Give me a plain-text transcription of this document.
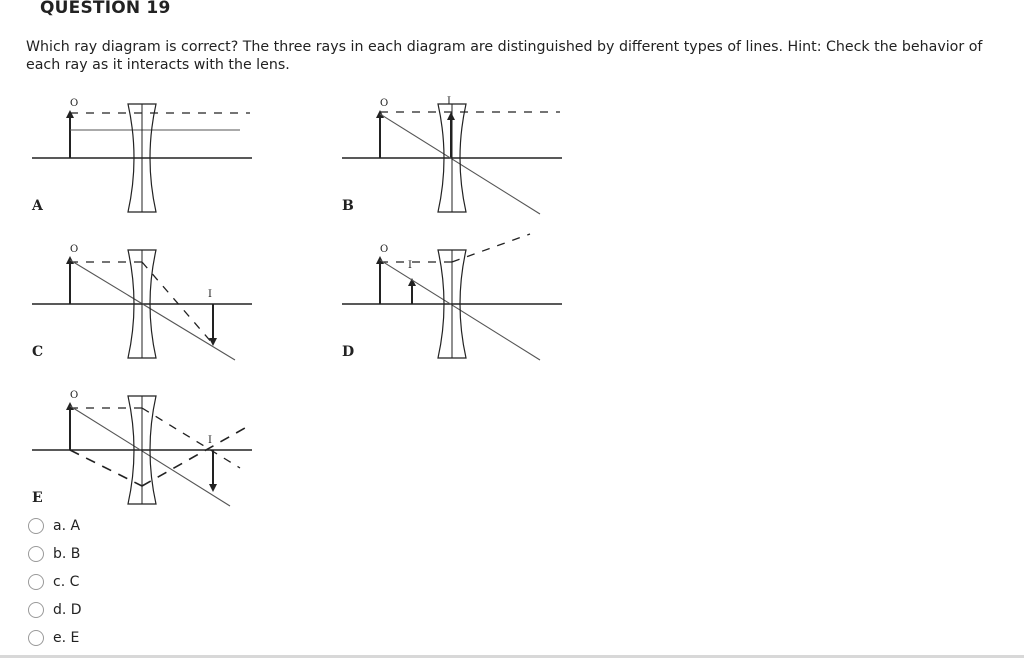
QUESTION 19
Which ray diagram is correct? The three rays in each diagram are distinguished by different types of lines. Hint: Check the behavior of each ray as it interacts with the lens.
O
A
O	I
B
O
I
C
O
I
D
O
I
E
a. A
b. B
c. C
d. D
e. E
